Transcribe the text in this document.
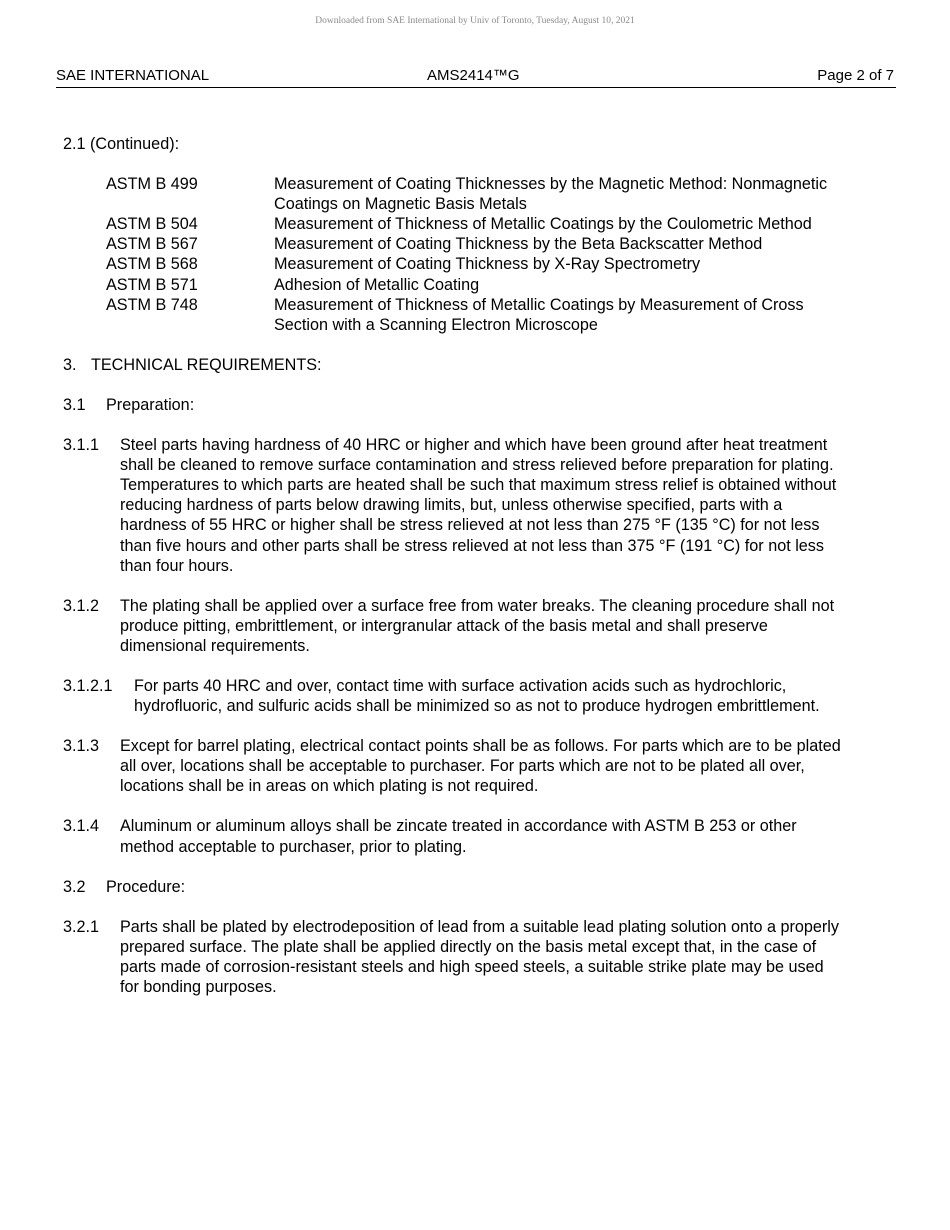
Downloaded from SAE International by Univ of Toronto, Tuesday, August 10, 2021
SAE INTERNATIONAL	AMS2414™G	Page 2 of 7

2.1 (Continued):

ASTM B 499	Measurement of Coating Thicknesses by the Magnetic Method: Nonmagnetic Coatings on Magnetic Basis Metals
ASTM B 504	Measurement of Thickness of Metallic Coatings by the Coulometric Method
ASTM B 567	Measurement of Coating Thickness by the Beta Backscatter Method
ASTM B 568	Measurement of Coating Thickness by X-Ray Spectrometry
ASTM B 571	Adhesion of Metallic Coating
ASTM B 748	Measurement of Thickness of Metallic Coatings by Measurement of Cross Section with a Scanning Electron Microscope

3. TECHNICAL REQUIREMENTS:

3.1 Preparation:

3.1.1	Steel parts having hardness of 40 HRC or higher and which have been ground after heat treatment shall be cleaned to remove surface contamination and stress relieved before preparation for plating. Temperatures to which parts are heated shall be such that maximum stress relief is obtained without reducing hardness of parts below drawing limits, but, unless otherwise specified, parts with a hardness of 55 HRC or higher shall be stress relieved at not less than 275 °F (135 °C) for not less than five hours and other parts shall be stress relieved at not less than 375 °F (191 °C) for not less than four hours.
3.1.2	The plating shall be applied over a surface free from water breaks. The cleaning procedure shall not produce pitting, embrittlement, or intergranular attack of the basis metal and shall preserve dimensional requirements.
3.1.2.1	For parts 40 HRC and over, contact time with surface activation acids such as hydrochloric, hydrofluoric, and sulfuric acids shall be minimized so as not to produce hydrogen embrittlement.
3.1.3	Except for barrel plating, electrical contact points shall be as follows. For parts which are to be plated all over, locations shall be acceptable to purchaser. For parts which are not to be plated all over, locations shall be in areas on which plating is not required.
3.1.4	Aluminum or aluminum alloys shall be zincate treated in accordance with ASTM B 253 or other method acceptable to purchaser, prior to plating.

3.2 Procedure:

3.2.1	Parts shall be plated by electrodeposition of lead from a suitable lead plating solution onto a properly prepared surface. The plate shall be applied directly on the basis metal except that, in the case of parts made of corrosion-resistant steels and high speed steels, a suitable strike plate may be used for bonding purposes.
